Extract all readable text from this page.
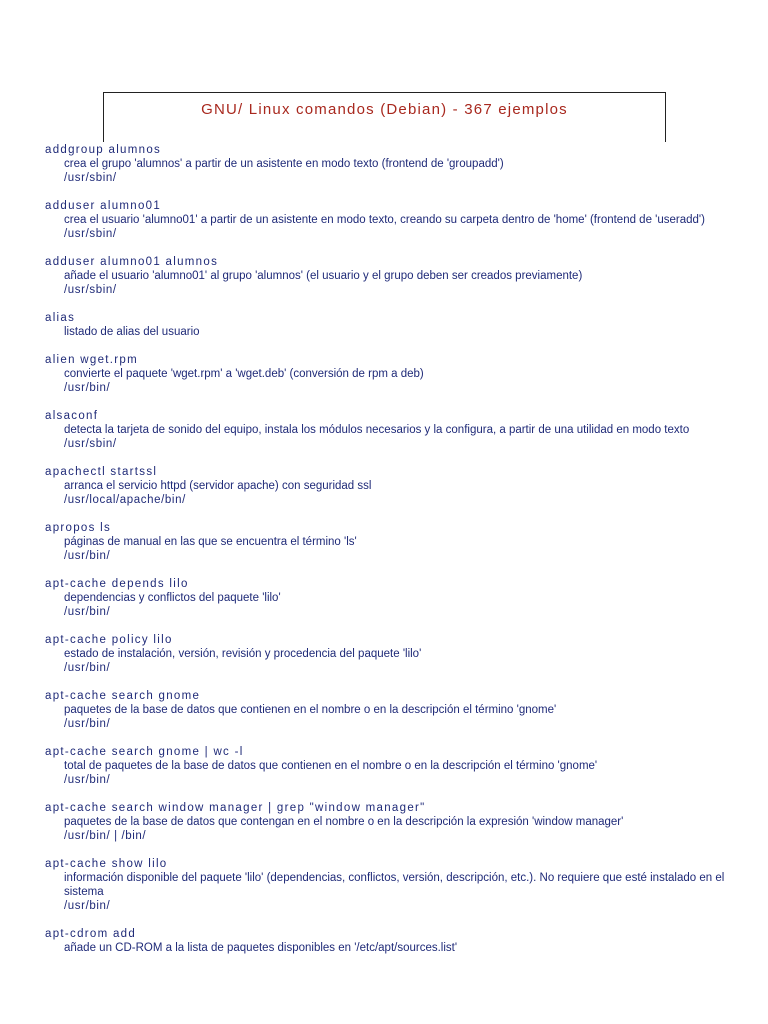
GNU/ Linux comandos (Debian) - 367 ejemplos
addgroup alumnos
crea el grupo 'alumnos' a partir de un asistente en modo texto (frontend de 'groupadd')
/usr/sbin/
adduser alumno01
crea el usuario 'alumno01' a partir de un asistente en modo texto, creando su carpeta dentro de 'home' (frontend de 'useradd')
/usr/sbin/
adduser alumno01 alumnos
añade el usuario 'alumno01' al grupo 'alumnos' (el usuario y el grupo deben ser creados previamente)
/usr/sbin/
alias
listado de alias del usuario
alien wget.rpm
convierte el paquete 'wget.rpm' a 'wget.deb' (conversión de rpm a deb)
/usr/bin/
alsaconf
detecta la tarjeta de sonido del equipo, instala los módulos necesarios y la configura, a partir de una utilidad en modo texto
/usr/sbin/
apachectl startssl
arranca el servicio httpd (servidor apache) con seguridad ssl
/usr/local/apache/bin/
apropos ls
páginas de manual en las que se encuentra el término 'ls'
/usr/bin/
apt-cache depends lilo
dependencias y conflictos del paquete 'lilo'
/usr/bin/
apt-cache policy lilo
estado de instalación, versión, revisión y procedencia del paquete 'lilo'
/usr/bin/
apt-cache search gnome
paquetes de la base de datos que contienen en el nombre o en la descripción el término 'gnome'
/usr/bin/
apt-cache search gnome | wc -l
total de paquetes de la base de datos que contienen en el nombre o en la descripción el término 'gnome'
/usr/bin/
apt-cache search window manager | grep "window manager"
paquetes de la base de datos que contengan en el nombre o en la descripción la expresión 'window manager'
/usr/bin/ | /bin/
apt-cache show lilo
información disponible del paquete 'lilo' (dependencias, conflictos, versión, descripción, etc.). No requiere que esté instalado en el sistema
/usr/bin/
apt-cdrom add
añade un CD-ROM a la lista de paquetes disponibles en '/etc/apt/sources.list'
